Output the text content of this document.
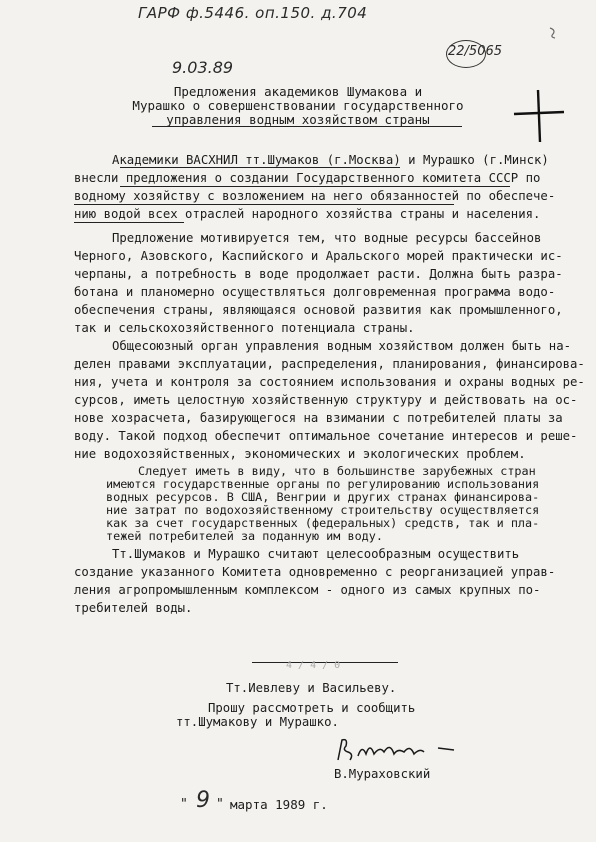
ГАРФ ф.5446. оп.150. д.704
9.03.89
22/5065
Предложения академиков Шумакова и
Мурашко о совершенствовании государственного
управления водным хозяйством страны
Академики ВАСХНИЛ тт.Шумаков (г.Москва) и Мурашко (г.Минск)
внесли предложения о создании Государственного комитета СССР по
водному хозяйству с возложением на него обязанностей по обеспече-
нию водой всех отраслей народного хозяйства страны и населения.
Предложение мотивируется тем, что водные ресурсы бассейнов
Черного, Азовского, Каспийского и Аральского морей практически ис-
черпаны, а потребность в воде продолжает расти. Должна быть разра-
ботана и планомерно осуществляться долговременная программа водо-
обеспечения страны, являющаяся основой развития как промышленного,
так и сельскохозяйственного потенциала страны.
Общесоюзный орган управления водным хозяйством должен быть на-
делен правами эксплуатации, распределения, планирования, финансирова-
ния, учета и контроля за состоянием использования и охраны водных ре-
сурсов, иметь целостную хозяйственную структуру и действовать на ос-
нове хозрасчета, базирующегося на взимании с потребителей платы за
воду. Такой подход обеспечит оптимальное сочетание интересов и реше-
ние водохозяйственных, экономических и экологических проблем.
Следует иметь в виду, что в большинстве зарубежных стран
имеются государственные органы по регулированию использования
водных ресурсов. В США, Венгрии и других странах финансирова-
ние затрат по водохозяйственному строительству осуществляется
как за счет государственных (федеральных) средств, так и пла-
тежей потребителей за поданную им воду.
Тт.Шумаков и Мурашко считают целесообразным осуществить
создание указанного Комитета одновременно с реорганизацией управ-
ления агропромышленным комплексом - одного из самых крупных по-
требителей воды.
4 / 4 / 0
Тт.Иевлеву и Васильеву.
Прошу рассмотреть и сообщить
тт.Шумакову и Мурашко.
В.Мураховский
" 9 " марта 1989 г.
